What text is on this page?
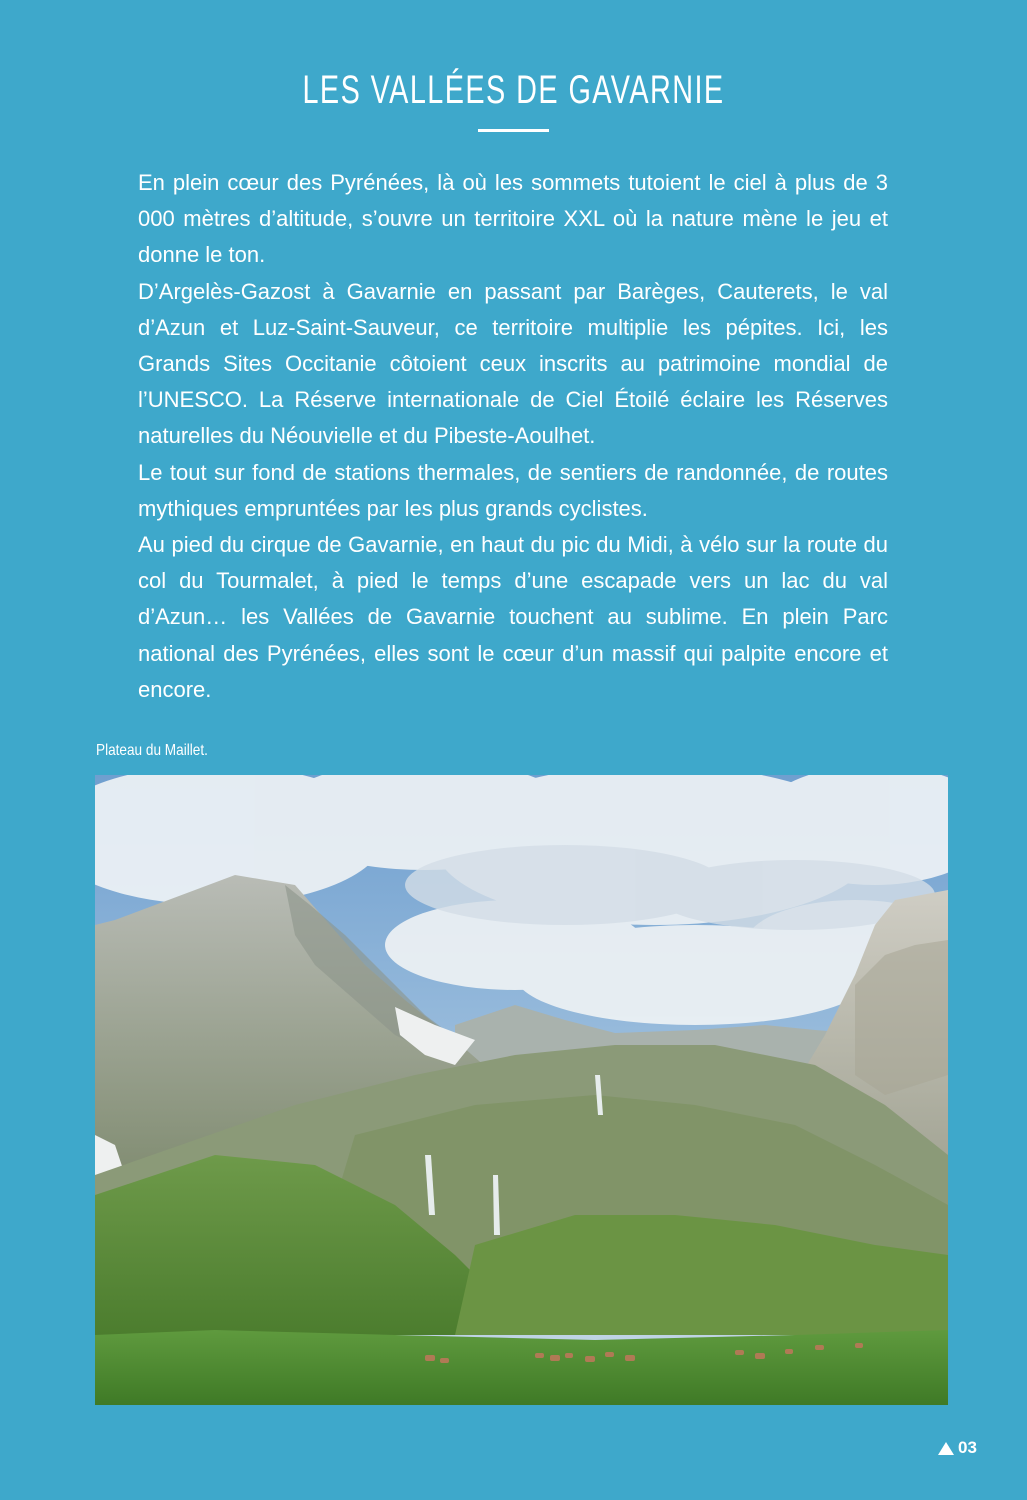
LES VALLÉES DE GAVARNIE

En plein cœur des Pyrénées, là où les sommets tutoient le ciel à plus de 3 000 mètres d’altitude, s’ouvre un territoire XXL où la nature mène le jeu et donne le ton.

D’Argelès-Gazost à Gavarnie en passant par Barèges, Cauterets, le val d’Azun et Luz-Saint-Sauveur, ce territoire multiplie les pépites. Ici, les Grands Sites Occitanie côtoient ceux inscrits au patrimoine mondial de l’UNESCO. La Réserve internationale de Ciel Étoilé éclaire les Réserves naturelles du Néouvielle et du Pibeste-Aoulhet.

Le tout sur fond de stations thermales, de sentiers de randonnée, de routes mythiques empruntées par les plus grands cyclistes.

Au pied du cirque de Gavarnie, en haut du pic du Midi, à vélo sur la route du col du Tourmalet, à pied le temps d’une escapade vers un lac du val d’Azun… les Vallées de Gavarnie touchent au sublime. En plein Parc national des Pyrénées, elles sont le cœur d’un massif qui palpite encore et encore.

Plateau du Maillet.
03
